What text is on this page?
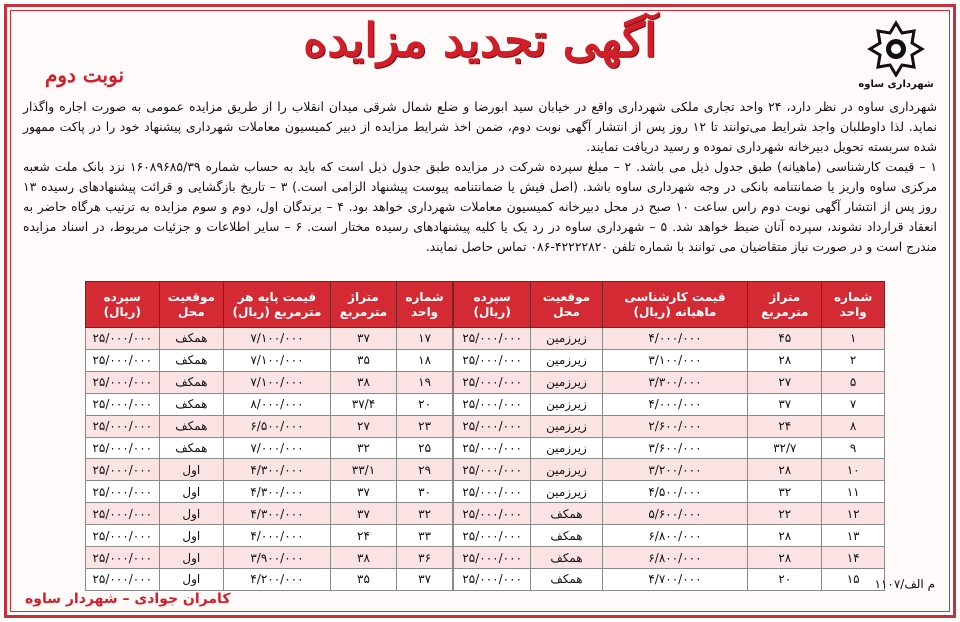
شهرداری ساوه
آگهی تجدید مزایده
نوبت دوم

شهرداری ساوه در نظر دارد، ۲۴ واحد تجاری ملکی شهرداری واقع در خیابان سید ابورضا و ضلع شمال شرقی میدان انقلاب را از طریق مزایده عمومی به صورت اجاره واگذار نماید. لذا داوطلبان واجد شرایط می‌توانند تا ۱۲ روز پس از انتشار آگهی نوبت دوم، ضمن اخذ شرایط مزایده از دبیر کمیسیون معاملات شهرداری پیشنهاد خود را در پاکت ممهور شده سربسته تحویل دبیرخانه شهرداری نموده و رسید دریافت نمایند.

۱ – قیمت کارشناسی (ماهیانه) طبق جدول ذیل می باشد. ۲ – مبلغ سپرده شرکت در مزایده طبق جدول ذیل است که باید به حساب شماره ۱۶۰۸۹۶۸۵/۳۹ نزد بانک ملت شعبه مرکزی ساوه واریز یا ضمانتنامه بانکی در وجه شهرداری ساوه باشد. (اصل فیش یا ضمانتنامه پیوست پیشنهاد الزامی است.) ۳ – تاریخ بازگشایی و قرائت پیشنهادهای رسیده ۱۳ روز پس از انتشار آگهی نوبت دوم راس ساعت ۱۰ صبح در محل دبیرخانه کمیسیون معاملات شهرداری خواهد بود. ۴ – برندگان اول، دوم و سوم مزایده به ترتیب هرگاه حاضر به انعقاد قرارداد نشوند، سپرده آنان ضبط خواهد شد. ۵ – شهرداری ساوه در رد یک یا کلیه پیشنهادهای رسیده مختار است. ۶ – سایر اطلاعات و جزئیات مربوط، در اسناد مزایده مندرج است و در صورت نیاز متقاضیان می توانند با شماره تلفن ۴۲۲۲۲۸۲۰-۰۸۶ تماس حاصل نمایند.

شماره واحد	متراژ مترمربع	قیمت کارشناسی ماهیانه (ریال)	موقعیت محل	سپرده (ریال)
۱	۴۵	۴/۰۰۰/۰۰۰	زیرزمین	۲۵/۰۰۰/۰۰۰
۲	۲۸	۳/۱۰۰/۰۰۰	زیرزمین	۲۵/۰۰۰/۰۰۰
۵	۲۷	۳/۳۰۰/۰۰۰	زیرزمین	۲۵/۰۰۰/۰۰۰
۷	۳۷	۴/۰۰۰/۰۰۰	زیرزمین	۲۵/۰۰۰/۰۰۰
۸	۲۴	۲/۶۰۰/۰۰۰	زیرزمین	۲۵/۰۰۰/۰۰۰
۹	۳۲/۷	۳/۶۰۰/۰۰۰	زیرزمین	۲۵/۰۰۰/۰۰۰
۱۰	۲۸	۳/۲۰۰/۰۰۰	زیرزمین	۲۵/۰۰۰/۰۰۰
۱۱	۳۲	۴/۵۰۰/۰۰۰	زیرزمین	۲۵/۰۰۰/۰۰۰
۱۲	۲۲	۵/۶۰۰/۰۰۰	همکف	۲۵/۰۰۰/۰۰۰
۱۳	۲۸	۶/۸۰۰/۰۰۰	همکف	۲۵/۰۰۰/۰۰۰
۱۴	۲۸	۶/۸۰۰/۰۰۰	همکف	۲۵/۰۰۰/۰۰۰
۱۵	۲۰	۴/۷۰۰/۰۰۰	همکف	۲۵/۰۰۰/۰۰۰
شماره واحد	متراژ مترمربع	قیمت پایه هر مترمربع (ریال)	موقعیت محل	سپرده (ریال)
۱۷	۳۷	۷/۱۰۰/۰۰۰	همکف	۲۵/۰۰۰/۰۰۰
۱۸	۳۵	۷/۱۰۰/۰۰۰	همکف	۲۵/۰۰۰/۰۰۰
۱۹	۳۸	۷/۱۰۰/۰۰۰	همکف	۲۵/۰۰۰/۰۰۰
۲۰	۳۷/۴	۸/۰۰۰/۰۰۰	همکف	۲۵/۰۰۰/۰۰۰
۲۳	۲۷	۶/۵۰۰/۰۰۰	همکف	۲۵/۰۰۰/۰۰۰
۲۵	۳۲	۷/۰۰۰/۰۰۰	همکف	۲۵/۰۰۰/۰۰۰
۲۹	۳۳/۱	۴/۳۰۰/۰۰۰	اول	۲۵/۰۰۰/۰۰۰
۳۰	۳۷	۴/۳۰۰/۰۰۰	اول	۲۵/۰۰۰/۰۰۰
۳۲	۳۷	۴/۳۰۰/۰۰۰	اول	۲۵/۰۰۰/۰۰۰
۳۳	۲۴	۴/۰۰۰/۰۰۰	اول	۲۵/۰۰۰/۰۰۰
۳۶	۳۸	۳/۹۰۰/۰۰۰	اول	۲۵/۰۰۰/۰۰۰
۳۷	۳۵	۴/۲۰۰/۰۰۰	اول	۲۵/۰۰۰/۰۰۰	م الف/۱۱۰۷
کامران جوادی – شهردار ساوه
